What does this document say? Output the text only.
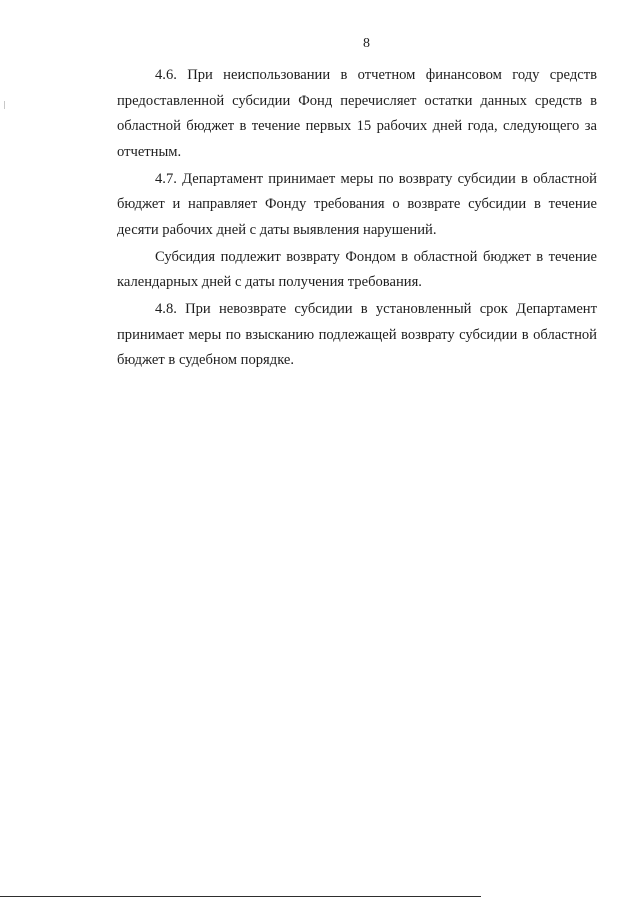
8
4.6. При неиспользовании в отчетном финансовом году средств
предоставленной субсидии Фонд перечисляет остатки данных средств в
областной бюджет в течение первых 15 рабочих дней года, следующего за
отчетным.
4.7. Департамент принимает меры по возврату субсидии в областной
бюджет и направляет Фонду требования о возврате субсидии в течение
десяти рабочих дней с даты выявления нарушений.
Субсидия подлежит возврату Фондом в областной бюджет в течение
календарных дней с даты получения требования.
4.8. При невозврате субсидии в установленный срок Департамент
принимает меры по взысканию подлежащей возврату субсидии в областной
бюджет в судебном порядке.
